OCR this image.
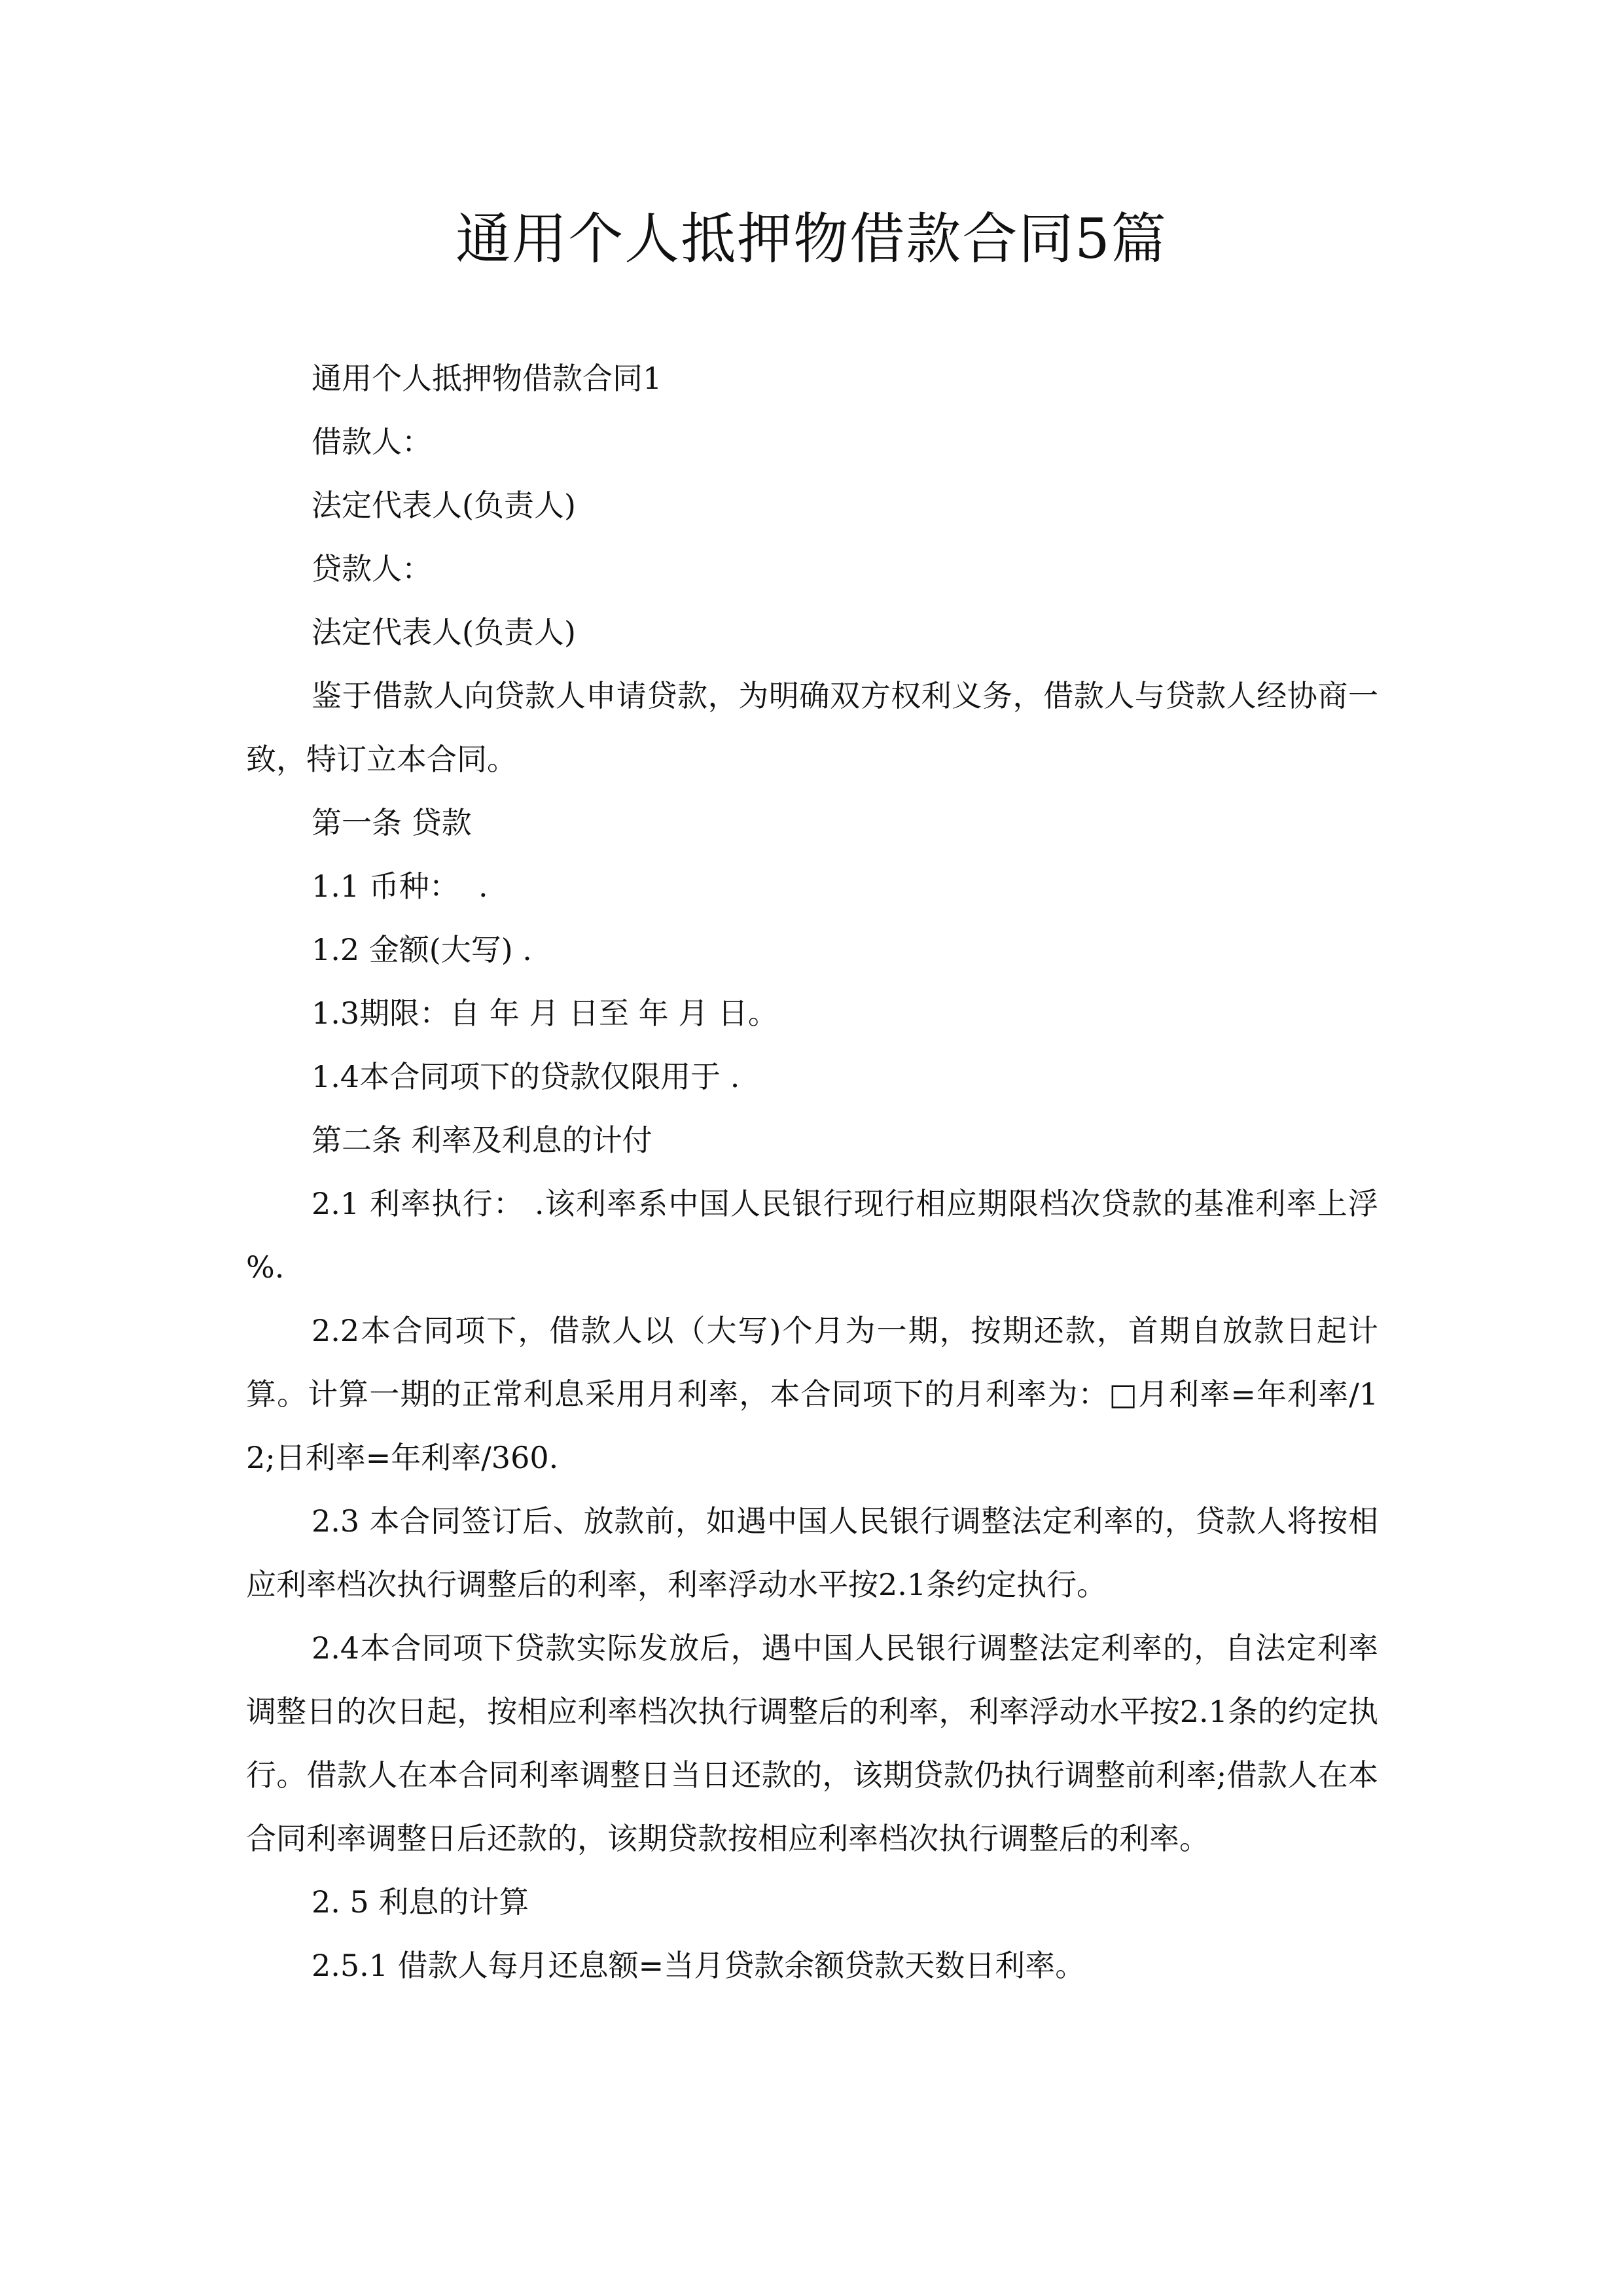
通用个人抵押物借款合同5篇

通用个人抵押物借款合同1

借款人：

法定代表人(负责人)

贷款人：

法定代表人(负责人)

鉴于借款人向贷款人申请贷款，为明确双方权利义务，借款人与贷款人经协商一致，特订立本合同。

第一条 贷款

1.1 币种：  .

1.2 金额(大写) .

1.3期限：自 年 月 日至 年 月 日。

1.4本合同项下的贷款仅限用于 .

第二条 利率及利息的计付

2.1 利率执行： .该利率系中国人民银行现行相应期限档次贷款的基准利率上浮 %.

2.2本合同项下，借款人以（大写)个月为一期，按期还款，首期自放款日起计算。计算一期的正常利息采用月利率，本合同项下的月利率为：□月利率=年利率/12;日利率=年利率/360.

2.3 本合同签订后、放款前，如遇中国人民银行调整法定利率的，贷款人将按相应利率档次执行调整后的利率，利率浮动水平按2.1条约定执行。

2.4本合同项下贷款实际发放后，遇中国人民银行调整法定利率的，自法定利率调整日的次日起，按相应利率档次执行调整后的利率，利率浮动水平按2.1条的约定执行。借款人在本合同利率调整日当日还款的，该期贷款仍执行调整前利率;借款人在本合同利率调整日后还款的，该期贷款按相应利率档次执行调整后的利率。

2. 5 利息的计算

2.5.1 借款人每月还息额=当月贷款余额贷款天数日利率。
